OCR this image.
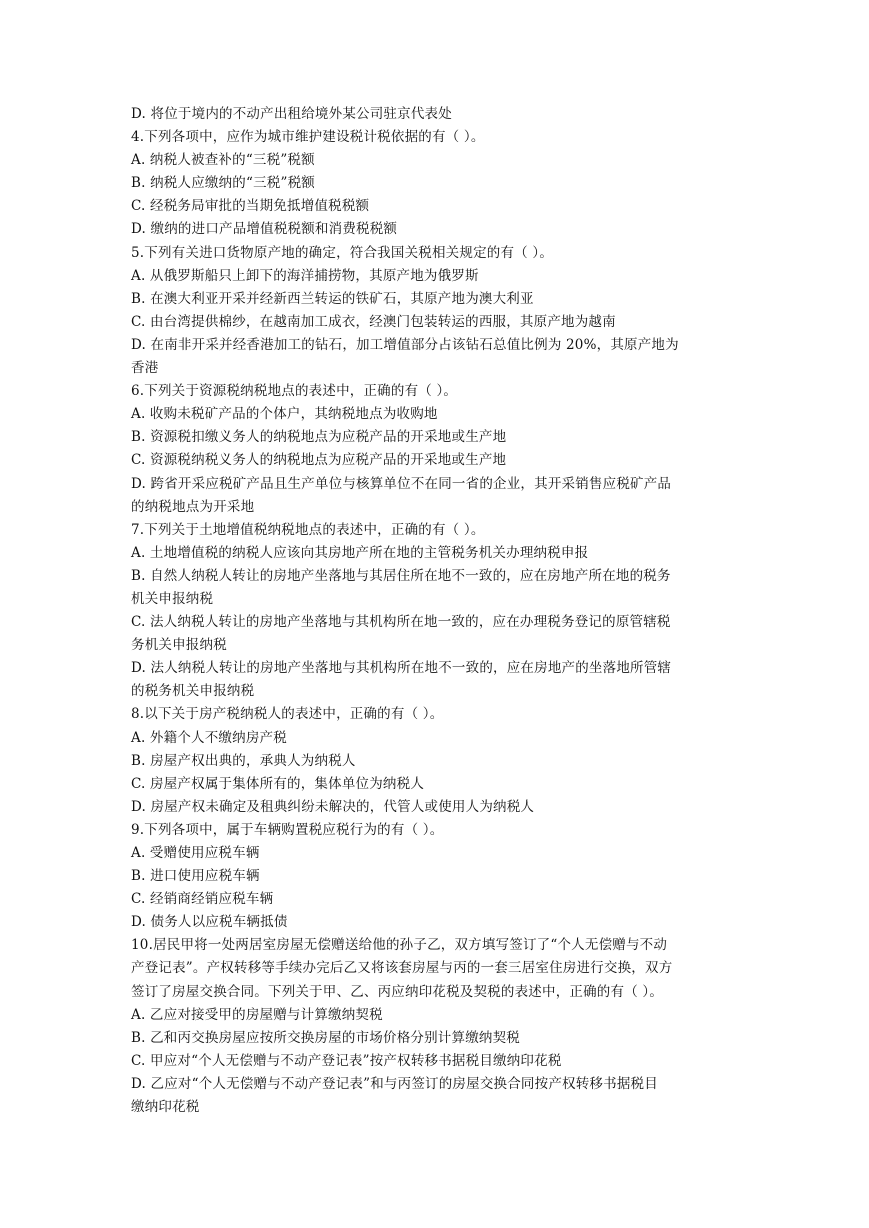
D. 将位于境内的不动产出租给境外某公司驻京代表处
4.下列各项中，应作为城市维护建设税计税依据的有（ ）。
A. 纳税人被查补的“三税”税额
B. 纳税人应缴纳的“三税”税额
C. 经税务局审批的当期免抵增值税税额
D. 缴纳的进口产品增值税税额和消费税税额
5.下列有关进口货物原产地的确定，符合我国关税相关规定的有（ ）。
A. 从俄罗斯船只上卸下的海洋捕捞物，其原产地为俄罗斯
B. 在澳大利亚开采并经新西兰转运的铁矿石，其原产地为澳大利亚
C. 由台湾提供棉纱，在越南加工成衣，经澳门包装转运的西服，其原产地为越南
D. 在南非开采并经香港加工的钻石，加工增值部分占该钻石总值比例为 20%，其原产地为
香港
6.下列关于资源税纳税地点的表述中，正确的有（ ）。
A. 收购未税矿产品的个体户，其纳税地点为收购地
B. 资源税扣缴义务人的纳税地点为应税产品的开采地或生产地
C. 资源税纳税义务人的纳税地点为应税产品的开采地或生产地
D. 跨省开采应税矿产品且生产单位与核算单位不在同一省的企业，其开采销售应税矿产品
的纳税地点为开采地
7.下列关于土地增值税纳税地点的表述中，正确的有（ ）。
A. 土地增值税的纳税人应该向其房地产所在地的主管税务机关办理纳税申报
B. 自然人纳税人转让的房地产坐落地与其居住所在地不一致的，应在房地产所在地的税务
机关申报纳税
C. 法人纳税人转让的房地产坐落地与其机构所在地一致的，应在办理税务登记的原管辖税
务机关申报纳税
D. 法人纳税人转让的房地产坐落地与其机构所在地不一致的，应在房地产的坐落地所管辖
的税务机关申报纳税
8.以下关于房产税纳税人的表述中，正确的有（ ）。
A. 外籍个人不缴纳房产税
B. 房屋产权出典的，承典人为纳税人
C. 房屋产权属于集体所有的，集体单位为纳税人
D. 房屋产权未确定及租典纠纷未解决的，代管人或使用人为纳税人
9.下列各项中，属于车辆购置税应税行为的有（ ）。
A. 受赠使用应税车辆
B. 进口使用应税车辆
C. 经销商经销应税车辆
D. 债务人以应税车辆抵债
10.居民甲将一处两居室房屋无偿赠送给他的孙子乙，双方填写签订了“个人无偿赠与不动
产登记表”。产权转移等手续办完后乙又将该套房屋与丙的一套三居室住房进行交换，双方
签订了房屋交换合同。下列关于甲、乙、丙应纳印花税及契税的表述中，正确的有（ ）。
A. 乙应对接受甲的房屋赠与计算缴纳契税
B. 乙和丙交换房屋应按所交换房屋的市场价格分别计算缴纳契税
C. 甲应对“个人无偿赠与不动产登记表”按产权转移书据税目缴纳印花税
D. 乙应对“个人无偿赠与不动产登记表”和与丙签订的房屋交换合同按产权转移书据税目
缴纳印花税
